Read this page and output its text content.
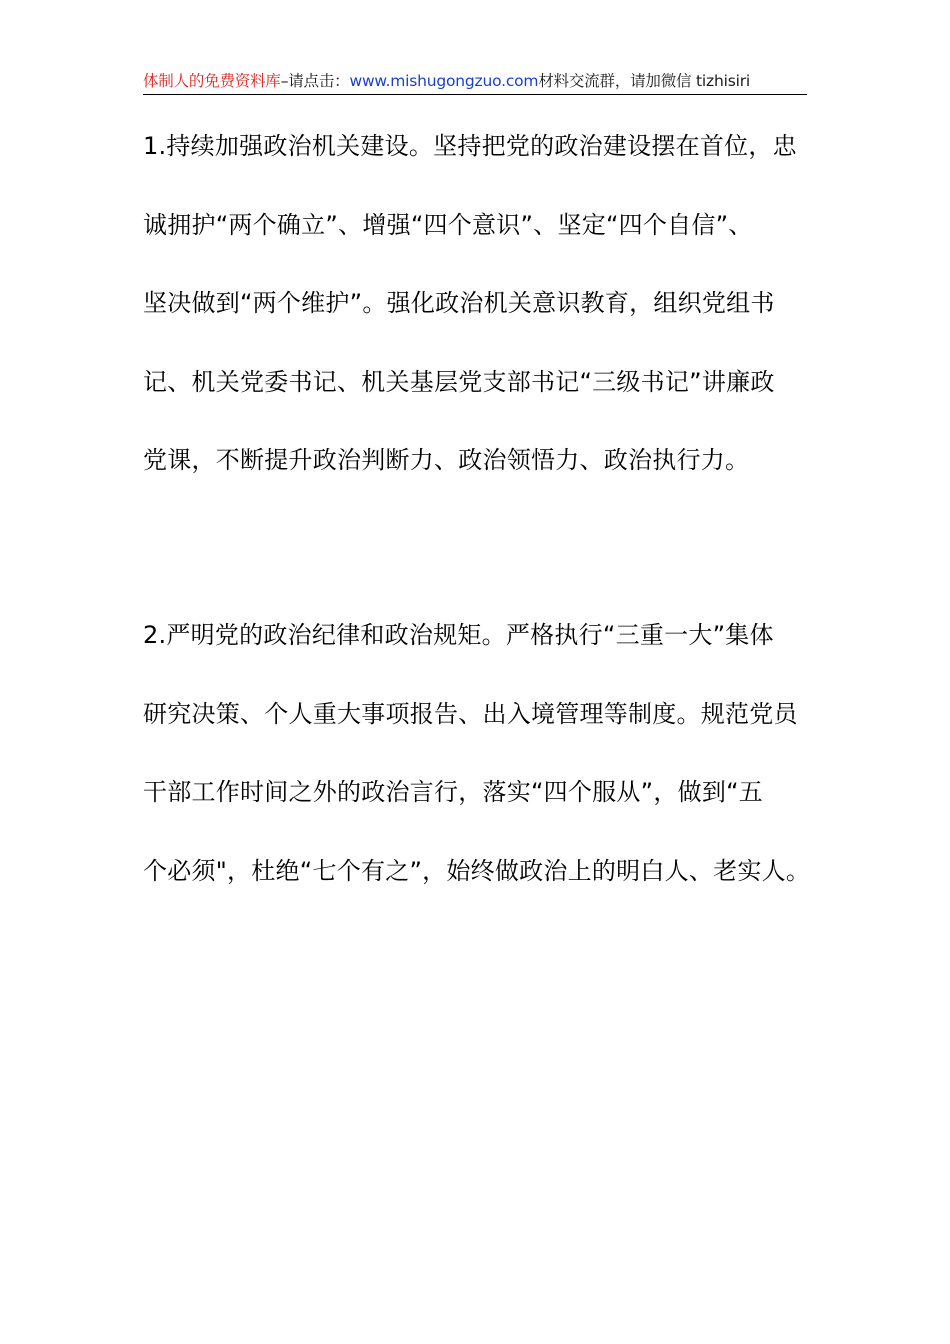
体制人的免费资料库–请点击：www.mishugongzuo.com材料交流群，请加微信 tizhisiri
1.持续加强政治机关建设。坚持把党的政治建设摆在首位，忠
诚拥护“两个确立”、增强“四个意识”、坚定“四个自信”、
坚决做到“两个维护”。强化政治机关意识教育，组织党组书
记、机关党委书记、机关基层党支部书记“三级书记”讲廉政
党课，不断提升政治判断力、政治领悟力、政治执行力。
2.严明党的政治纪律和政治规矩。严格执行“三重一大”集体
研究决策、个人重大事项报告、出入境管理等制度。规范党员
干部工作时间之外的政治言行，落实“四个服从”，做到“五
个必须"，杜绝“七个有之”，始终做政治上的明白人、老实人。
